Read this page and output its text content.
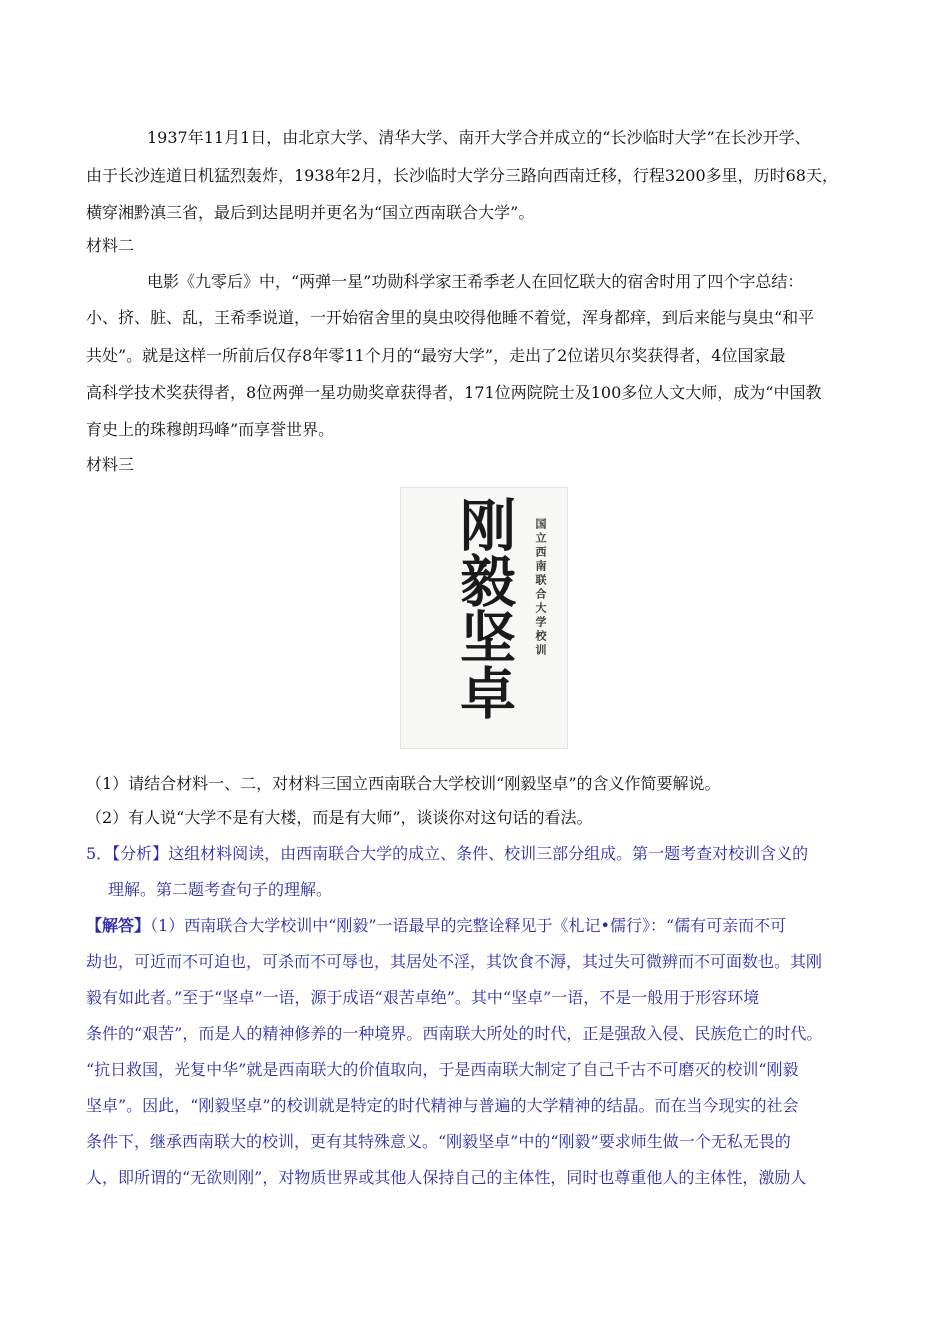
1937年11月1日，由北京大学、清华大学、南开大学合并成立的“长沙临时大学”在长沙开学、
由于长沙连道日机猛烈轰炸，1938年2月，长沙临时大学分三路向西南迁移，行程3200多里，历时68天，
横穿湘黔滇三省，最后到达昆明并更名为“国立西南联合大学”。
材料二
电影《九零后》中，“两弹一星”功勋科学家王希季老人在回忆联大的宿舍时用了四个字总结：
小、挤、脏、乱，王希季说道，一开始宿舍里的臭虫咬得他睡不着觉，浑身都痒，到后来能与臭虫“和平
共处”。就是这样一所前后仅存8年零11个月的“最穷大学”，走出了2位诺贝尔奖获得者，4位国家最
高科学技术奖获得者，8位两弹一星功勋奖章获得者，171位两院院士及100多位人文大师，成为“中国教
育史上的珠穆朗玛峰”而享誉世界。
材料三
刚毅坚卓	国立西南联合大学校训
（1）请结合材料一、二，对材料三国立西南联合大学校训“刚毅坚卓”的含义作简要解说。
（2）有人说“大学不是有大楼，而是有大师”，谈谈你对这句话的看法。
5．【分析】这组材料阅读，由西南联合大学的成立、条件、校训三部分组成。第一题考查对校训含义的
理解。第二题考查句子的理解。
【解答】（1）西南联合大学校训中“刚毅”一语最早的完整诠释见于《札记•儒行》：“儒有可亲而不可
劫也，可近而不可迫也，可杀而不可辱也，其居处不淫，其饮食不溽，其过失可微辨而不可面数也。其刚
毅有如此者。”至于“坚卓”一语，源于成语“艰苦卓绝”。其中“坚卓”一语，不是一般用于形容环境
条件的“艰苦”，而是人的精神修养的一种境界。西南联大所处的时代，正是强敌入侵、民族危亡的时代。
“抗日救国，光复中华”就是西南联大的价值取向，于是西南联大制定了自己千古不可磨灭的校训“刚毅
坚卓”。因此，“刚毅坚卓”的校训就是特定的时代精神与普遍的大学精神的结晶。而在当今现实的社会
条件下，继承西南联大的校训，更有其特殊意义。“刚毅坚卓”中的“刚毅”要求师生做一个无私无畏的
人，即所谓的“无欲则刚”，对物质世界或其他人保持自己的主体性，同时也尊重他人的主体性，激励人
